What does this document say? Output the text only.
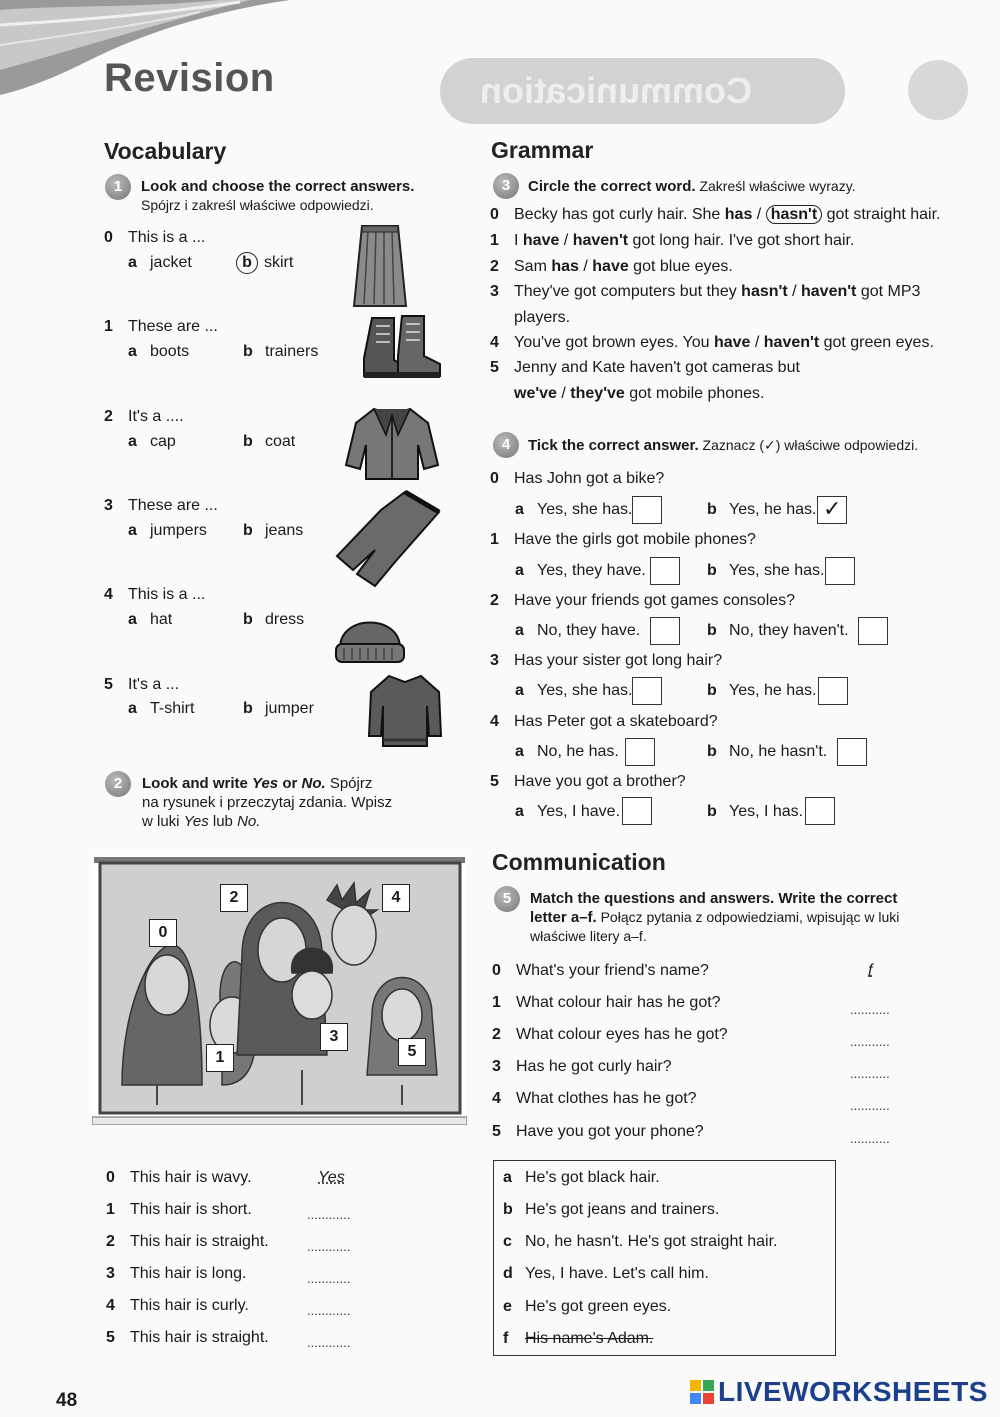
Revision	Communication
Vocabulary
1	Look and choose the correct answers.
Spójrz i zakreśl właściwe odpowiedzi.
0 This is a ...
a jacket	b skirt
1 These are ...
a boots	b trainers
2 It's a ....
a cap	b coat
3 These are ...
a jumpers b jeans
4 This is a ...
a hat	b dress
5 It's a ...
a T-shirt	b jumper
2	Look and write Yes or No. Spójrz
na rysunek i przeczytaj zdania. Wpisz
w luki Yes lub No.
0
1
2
3
4
5
0 This hair is wavy.	Yes
1 This hair is short.	............
2 This hair is straight.	............
3 This hair is long.	............
4 This hair is curly.	............
5 This hair is straight.	............
Grammar
3	Circle the correct word. Zakreśl właściwe wyrazy.
0 Becky has got curly hair. She has / hasn't got straight hair.
1 I have / haven't got long hair. I've got short hair.
2 Sam has / have got blue eyes.
3 They've got computers but they hasn't / haven't got MP3
players.
4 You've got brown eyes. You have / haven't got green eyes.
5 Jenny and Kate haven't got cameras but
we've / they've got mobile phones.
4	Tick the correct answer. Zaznacz (✓) właściwe odpowiedzi.
0 Has John got a bike?
a Yes, she has.	b Yes, he has. ✓
1 Have the girls got mobile phones?
a Yes, they have.	b Yes, she has.
2 Have your friends got games consoles?
a No, they have.	b No, they haven't.
3 Has your sister got long hair?
a Yes, she has.	b Yes, he has.
4 Has Peter got a skateboard?
a No, he has.	b No, he hasn't.
5 Have you got a brother?
a Yes, I have.	b Yes, I has.
Communication
5	Match the questions and answers. Write the correct
letter a–f. Połącz pytania z odpowiedziami, wpisując w luki
właściwe litery a–f.
0 What's your friend's name?	f
1 What colour hair has he got?	...........
2 What colour eyes has he got?	...........
3 Has he got curly hair?	...........
4 What clothes has he got?	...........
5 Have you got your phone?	...........
a He's got black hair.
b He's got jeans and trainers.
c No, he hasn't. He's got straight hair.
d Yes, I have. Let's call him.
e He's got green eyes.
f His name's Adam.
48	LIVEWORKSHEETS
